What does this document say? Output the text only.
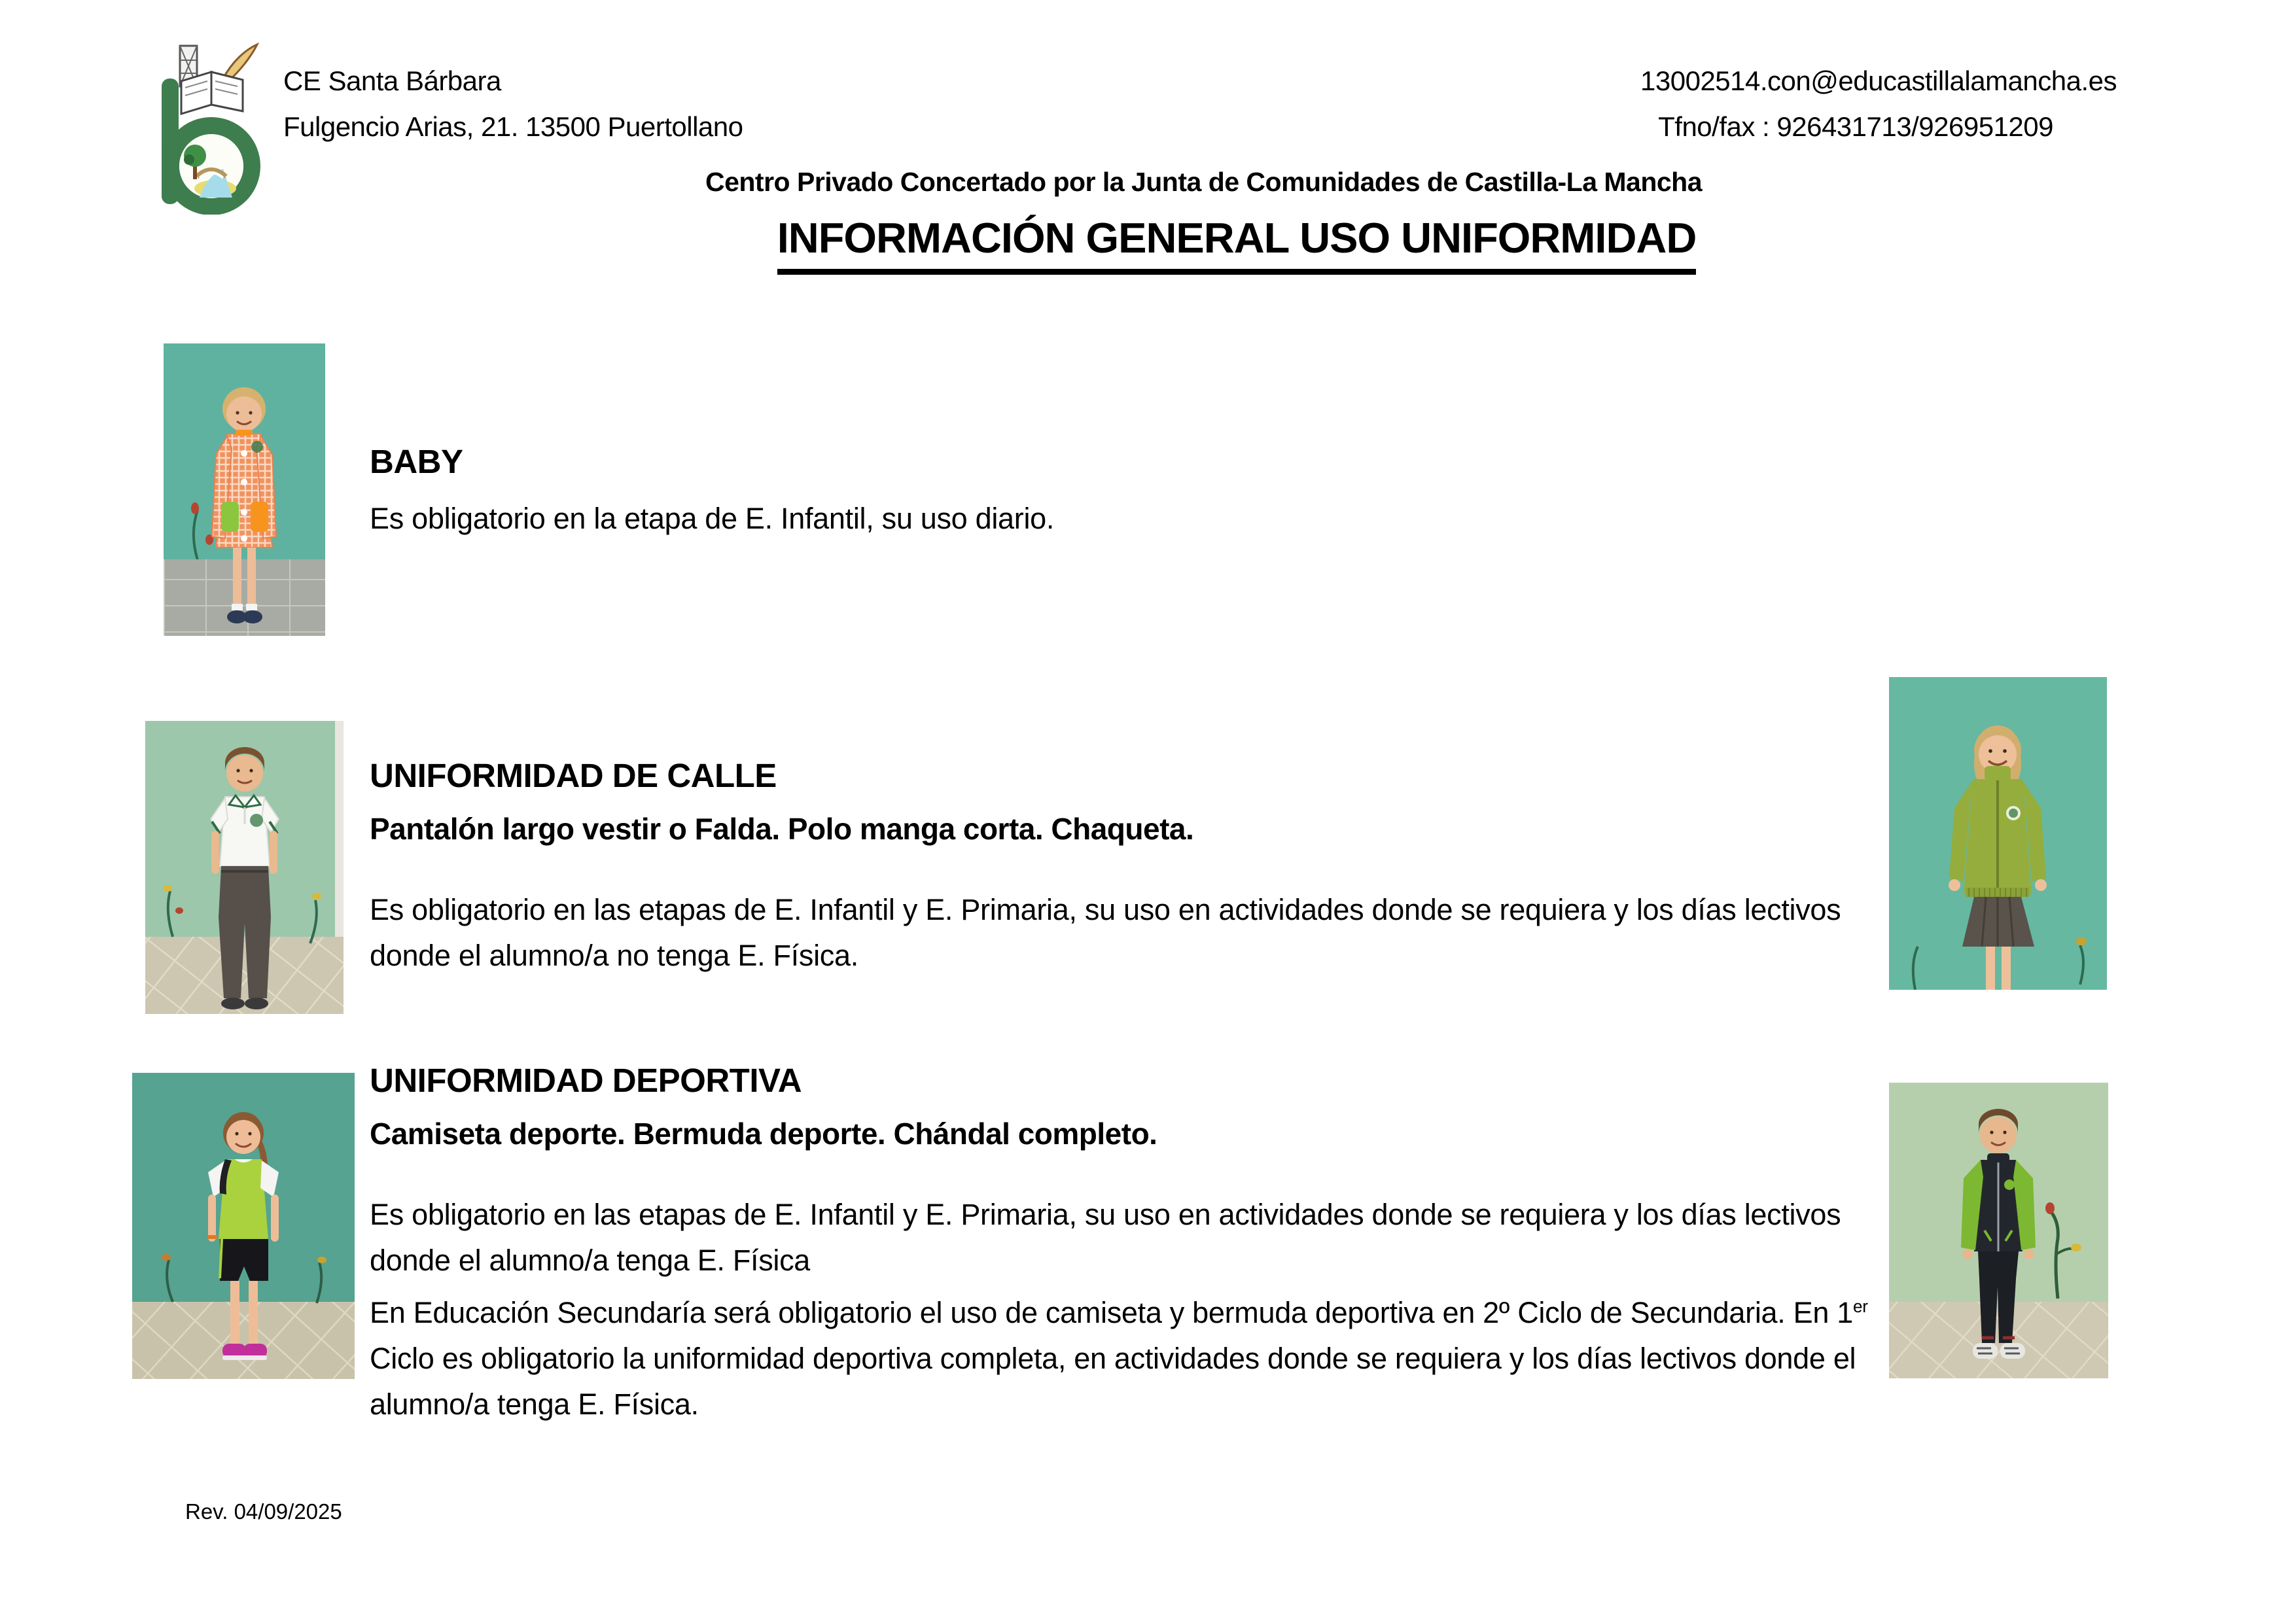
CE Santa Bárbara
Fulgencio Arias, 21. 13500 Puertollano
13002514.con@educastillalamancha.es
Tfno/fax : 926431713/926951209
Centro Privado Concertado por la Junta de Comunidades de Castilla-La Mancha
INFORMACIÓN GENERAL USO UNIFORMIDAD
BABY
Es obligatorio en la etapa de E. Infantil, su uso diario.
UNIFORMIDAD DE CALLE
Pantalón largo vestir o Falda. Polo manga corta. Chaqueta.
Es obligatorio en las etapas de E. Infantil y E. Primaria, su uso en actividades donde se requiera y los días lectivos donde el alumno/a no tenga E. Física.
UNIFORMIDAD DEPORTIVA
Camiseta deporte. Bermuda deporte. Chándal completo.
Es obligatorio en las etapas de E. Infantil y E. Primaria, su uso en actividades donde se requiera y los días lectivos donde el alumno/a tenga E. Física
En Educación Secundaría será obligatorio el uso de camiseta y bermuda deportiva en 2º Ciclo de Secundaria. En 1er Ciclo es obligatorio la uniformidad deportiva completa, en actividades donde se requiera y los días lectivos donde el alumno/a tenga E. Física.
Rev. 04/09/2025
